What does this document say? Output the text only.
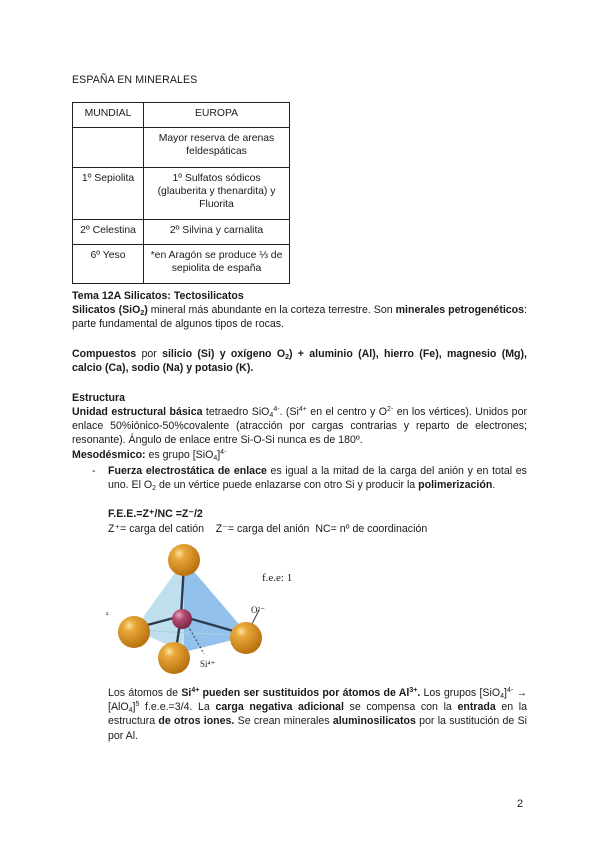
ESPAÑA EN MINERALES
MUNDIAL	EUROPA
	Mayor reserva de arenas feldespáticas
1º Sepiolita	1º Sulfatos sódicos (glauberita y thenardita) y Fluorita
2º Celestina	2º Silvina y carnalita
6º Yeso	*en Aragón se produce ⅓ de sepiolita de españa
Tema 12A Silicatos: Tectosilicatos
Silicatos (SiO$_2$) mineral más abundante en la corteza terrestre. Son minerales petrogenéticos: parte fundamental de algunos tipos de rocas.
Compuestos por silicio (Si) y oxígeno $O_2$) + aluminio (Al), hierro (Fe), magnesio (Mg), calcio (Ca), sodio (Na) y potasio (K).
Estructura
Unidad estructural básica tetraedro SiO$_4^{4-}$. ($Si^{4+}$ en el centro y $O^{2-}$ en los vértices). Unidos por enlace 50%iónico-50%covalente (atracción por cargas contrarias y reparto de electrones; resonante). Ángulo de enlace entre Si-O-Si nunca es de 180º.
Mesodésmico: es grupo $[SiO_4]^{4-}$
- Fuerza electrostática de enlace es igual a la mitad de la carga del anión y en total es uno. El $O_2$ de un vértice puede enlazarse con otro Si y producir la polimerización.
F.E.E.=Z⁺/NC =Z⁻/2
Z⁺= carga del catión Z⁻= carga del anión NC= nº de coordinación
f.e.e: 1
O²⁻
Si⁴⁺
²
Los átomos de $Si^{4+}$ pueden ser sustituidos por átomos de $Al^{3+}$. Los grupos $[SiO_4]^{4-} \to [AlO_4]^5$ f.e.e.=3/4. La carga negativa adicional se compensa con la entrada en la estructura de otros iones. Se crean minerales aluminosilicatos por la sustitución de Si por Al.
2
